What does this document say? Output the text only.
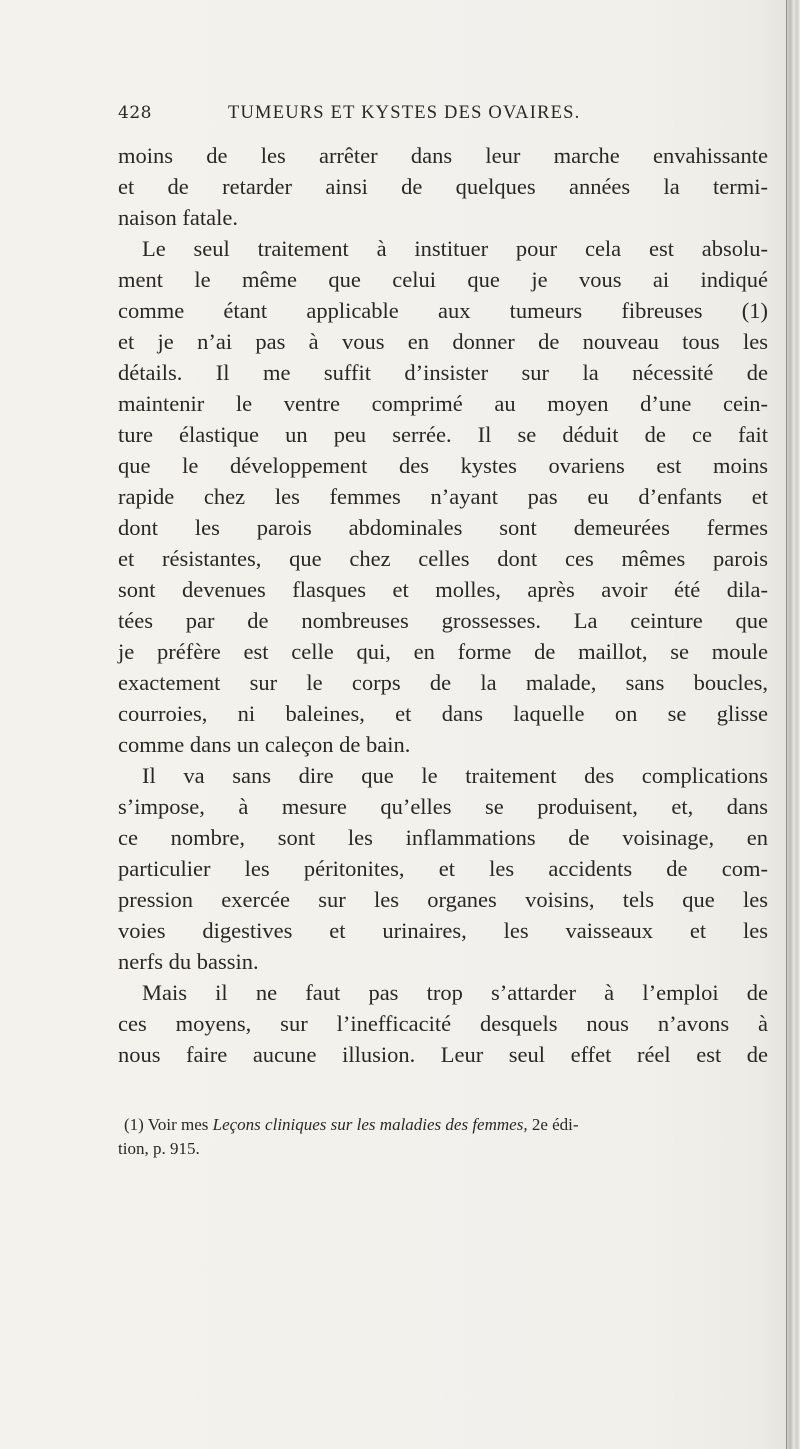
428	TUMEURS ET KYSTES DES OVAIRES.
moins de les arrêter dans leur marche envahissante
et de retarder ainsi de quelques années la termi-
naison fatale.
Le seul traitement à instituer pour cela est absolu-
ment le même que celui que je vous ai indiqué
comme étant applicable aux tumeurs fibreuses (1)
et je n’ai pas à vous en donner de nouveau tous les
détails. Il me suffit d’insister sur la nécessité de
maintenir le ventre comprimé au moyen d’une cein-
ture élastique un peu serrée. Il se déduit de ce fait
que le développement des kystes ovariens est moins
rapide chez les femmes n’ayant pas eu d’enfants et
dont les parois abdominales sont demeurées fermes
et résistantes, que chez celles dont ces mêmes parois
sont devenues flasques et molles, après avoir été dila-
tées par de nombreuses grossesses. La ceinture que
je préfère est celle qui, en forme de maillot, se moule
exactement sur le corps de la malade, sans boucles,
courroies, ni baleines, et dans laquelle on se glisse
comme dans un caleçon de bain.
Il va sans dire que le traitement des complications
s’impose, à mesure qu’elles se produisent, et, dans
ce nombre, sont les inflammations de voisinage, en
particulier les péritonites, et les accidents de com-
pression exercée sur les organes voisins, tels que les
voies digestives et urinaires, les vaisseaux et les
nerfs du bassin.
Mais il ne faut pas trop s’attarder à l’emploi de
ces moyens, sur l’inefficacité desquels nous n’avons à
nous faire aucune illusion. Leur seul effet réel est de
(1) Voir mes Leçons cliniques sur les maladies des femmes, 2e édi-
tion, p. 915.
